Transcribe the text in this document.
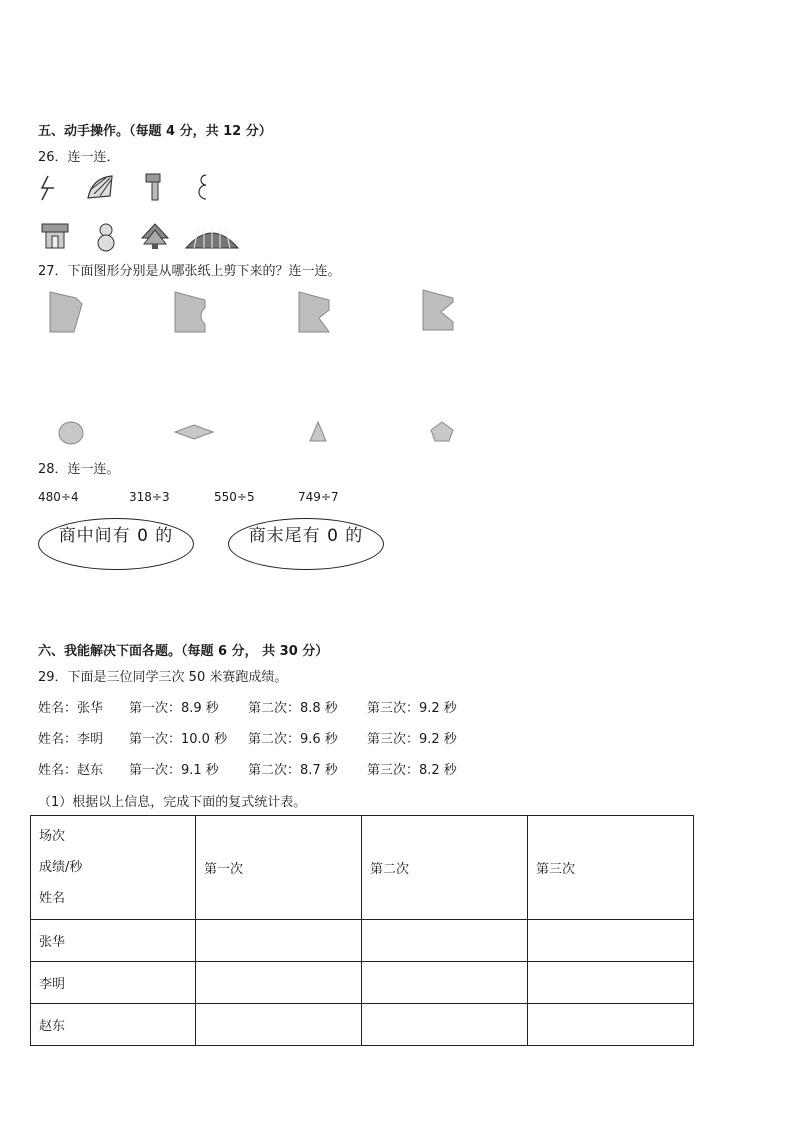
五、动手操作。（每题 4 分，共 12 分）
26．连一连．
27．下面图形分别是从哪张纸上剪下来的？连一连。
28．连一连。
480÷4	318÷3	550÷5	749÷7
商中间有 0 的	商末尾有 0 的
六、我能解决下面各题。（每题 6 分， 共 30 分）
29．下面是三位同学三次 50 米赛跑成绩。
姓名：张华 第一次：8.9 秒 第二次：8.8 秒 第三次：9.2 秒
姓名：李明 第一次：10.0 秒 第二次：9.6 秒 第三次：9.2 秒
姓名：赵东 第一次：9.1 秒 第二次：8.7 秒 第三次：8.2 秒
（1）根据以上信息，完成下面的复式统计表。
场次
成绩/秒
姓名	第一次	第二次	第三次
张华			
李明			
赵东			
